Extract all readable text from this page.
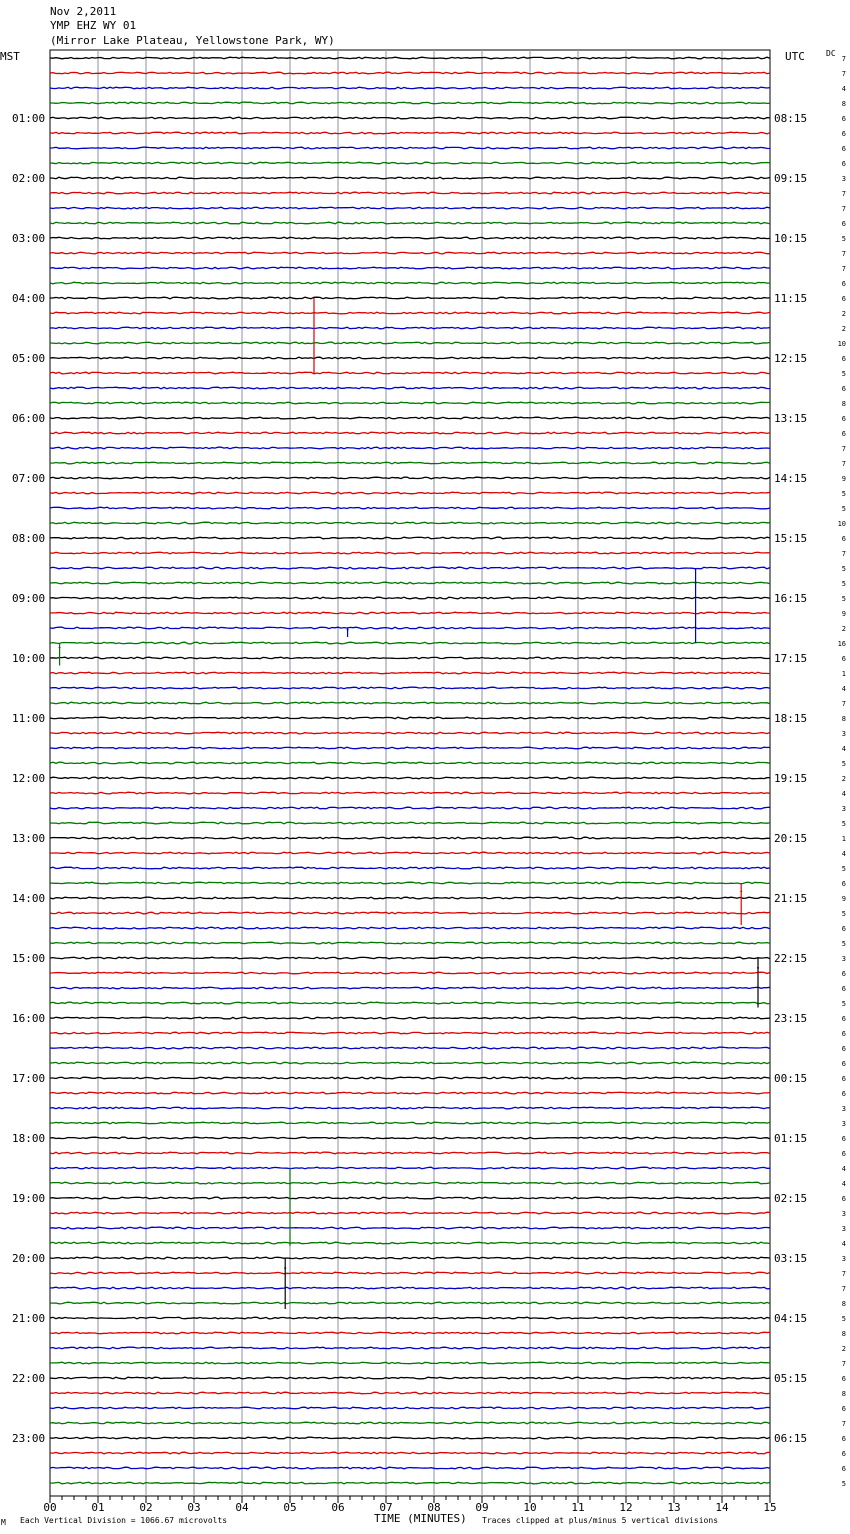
Nov 2,2011
YMP EHZ WY 01
(Mirror Lake Plateau, Yellowstone Park, WY)
MST	UTC	DC
01:00
02:00
03:00
04:00
05:00
06:00
07:00
08:00
09:00
10:00
11:00
12:00
13:00
14:00
15:00
16:00
17:00
18:00
19:00
20:00
21:00
22:00
23:00
08:15
09:15
10:15
11:15
12:15
13:15
14:15
15:15
16:15
17:15
18:15
19:15
20:15
21:15
22:15
23:15
00:15
01:15
02:15
03:15
04:15
05:15
06:15
7
7
4
8
6
6
6
6
3
7
7
6
5
7
7
6
6
2
2
10
6
5
6
8
6
6
7
7
9
5
5
10
6
7
5
5
5
9
2
16
6
1
4
7
8
3
4
5
2
4
3
5
1
4
5
6
9
5
6
5
3
6
6
5
6
6
6
6
6
6
3
3
6
6
4
4
6
3
3
4
3
7
7
8
5
8
2
7
6
8
6
7
6
6
6
5
00	01	02	03	04	05	06	07	08	09	10	11	12	13	14	15
M Each Vertical Division = 1066.67 microvolts	TIME (MINUTES) Traces clipped at plus/minus 5 vertical divisions
